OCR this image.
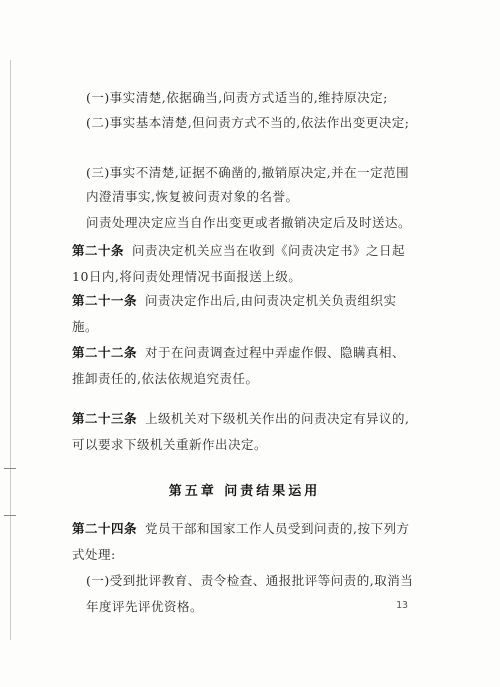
(一)事实清楚,依据确当,问责方式适当的,维持原决定;
(二)事实基本清楚,但问责方式不当的,依法作出变更决定;
(三)事实不清楚,证据不确凿的,撤销原决定,并在一定范围内澄清事实,恢复被问责对象的名誉。
问责处理决定应当自作出变更或者撤销决定后及时送达。
第二十条 问责决定机关应当在收到《问责决定书》之日起10日内,将问责处理情况书面报送上级。
第二十一条 问责决定作出后,由问责决定机关负责组织实施。
第二十二条 对于在问责调查过程中弄虚作假、隐瞒真相、推卸责任的,依法依规追究责任。
第二十三条 上级机关对下级机关作出的问责决定有异议的,可以要求下级机关重新作出决定。
第五章 问责结果运用
第二十四条 党员干部和国家工作人员受到问责的,按下列方式处理:
(一)受到批评教育、责令检查、通报批评等问责的,取消当年度评先评优资格。	13
